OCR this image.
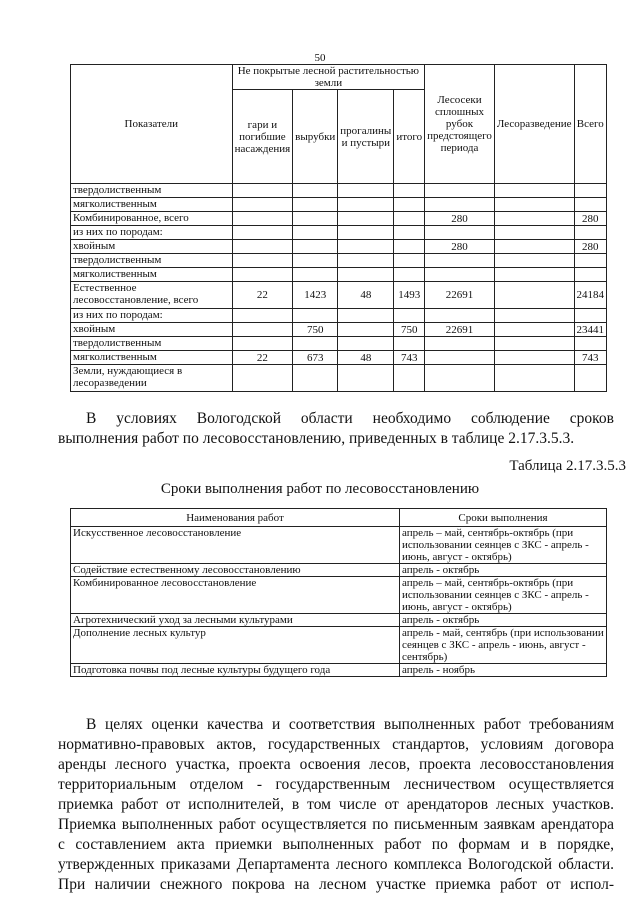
50
Показатели	Не покрытые лесной растительностью земли				Лесосеки сплошных рубок предстоящего периода	Лесоразведение	Всего
	гари и погибшие насаждения	вырубки	прогалины и пустыри	итого			
твердолиственным							
мягколиственным							
Комбинированное, всего					280		280
из них по породам:							
хвойным					280		280
твердолиственным							
мягколиственным							
Естественное лесовосстановление, всего	22	1423	48	1493	22691		24184
из них по породам:							
хвойным		750		750	22691		23441
твердолиственным							
мягколиственным	22	673	48	743			743
Земли, нуждающиеся в лесоразведении							

В условиях Вологодской области необходимо соблюдение сроков

выполнения работ по лесовосстановлению, приведенных в таблице 2.17.3.5.3.

Таблица 2.17.3.5.3
Сроки выполнения работ по лесовосстановлению
Наименования работ	Сроки выполнения
Искусственное лесовосстановление	апрель – май, сентябрь-октябрь (при использовании сеянцев с ЗКС - апрель - июнь, август - октябрь)
Содействие естественному лесовосстановлению	апрель - октябрь
Комбинированное лесовосстановление	апрель – май, сентябрь-октябрь (при использовании сеянцев с ЗКС - апрель - июнь, август - октябрь)
Агротехнический уход за лесными культурами	апрель - октябрь
Дополнение лесных культур	апрель - май, сентябрь (при использовании сеянцев с ЗКС - апрель - июнь, август - сентябрь)
Подготовка почвы под лесные культуры будущего года	апрель - ноябрь

В целях оценки качества и соответствия выполненных работ требованиям

нормативно-правовых актов, государственных стандартов, условиям договора

аренды лесного участка, проекта освоения лесов, проекта лесовосстановления

территориальным отделом - государственным лесничеством осуществляется

приемка работ от исполнителей, в том числе от арендаторов лесных участков.

Приемка выполненных работ осуществляется по письменным заявкам арендатора

с составлением акта приемки выполненных работ по формам и в порядке,

утвержденных приказами Департамента лесного комплекса Вологодской области.

При наличии снежного покрова на лесном участке приемка работ от испол-
